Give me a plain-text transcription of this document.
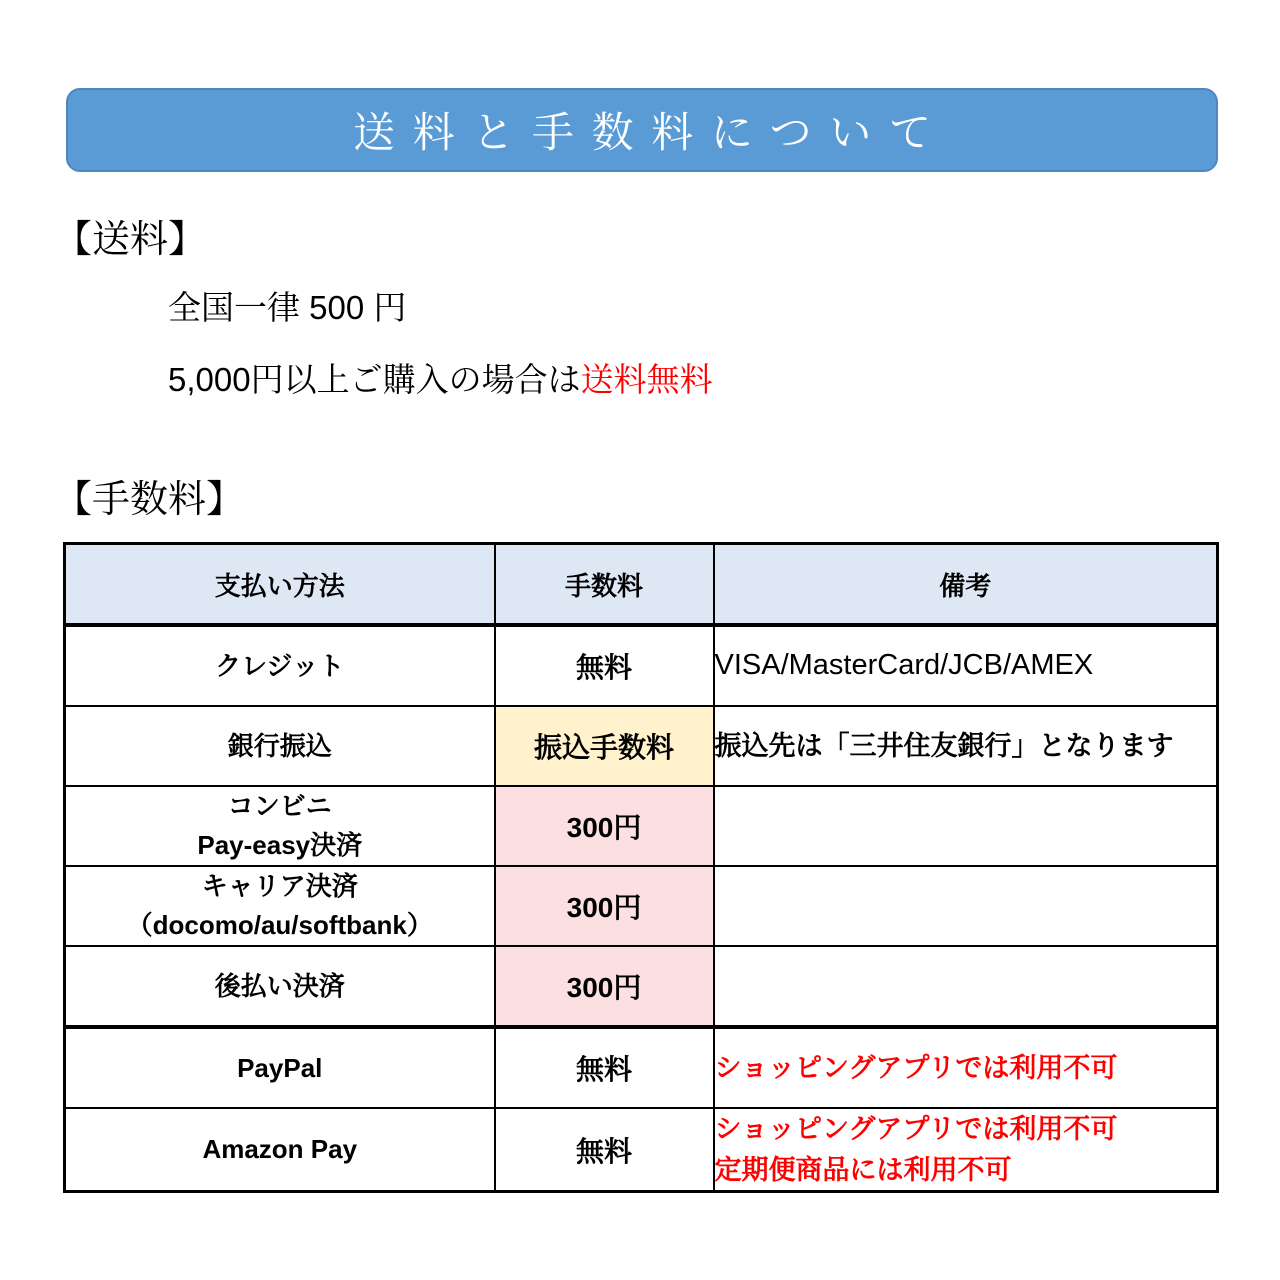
送料と手数料について
【送料】
全国一律 500 円
5,000円以上ご購入の場合は送料無料
【手数料】
支払い方法	手数料	備考

クレジット	無料	VISA/MasterCard/JCB/AMEX

銀行振込	振込手数料	振込先は「三井住友銀行」となります

コンビニ
Pay-easy決済	300円	

キャリア決済
（docomo/au/softbank）	300円	

後払い決済	300円	

PayPal	無料	ショッピングアプリでは利用不可

Amazon Pay	無料	ショッピングアプリでは利用不可
定期便商品には利用不可
